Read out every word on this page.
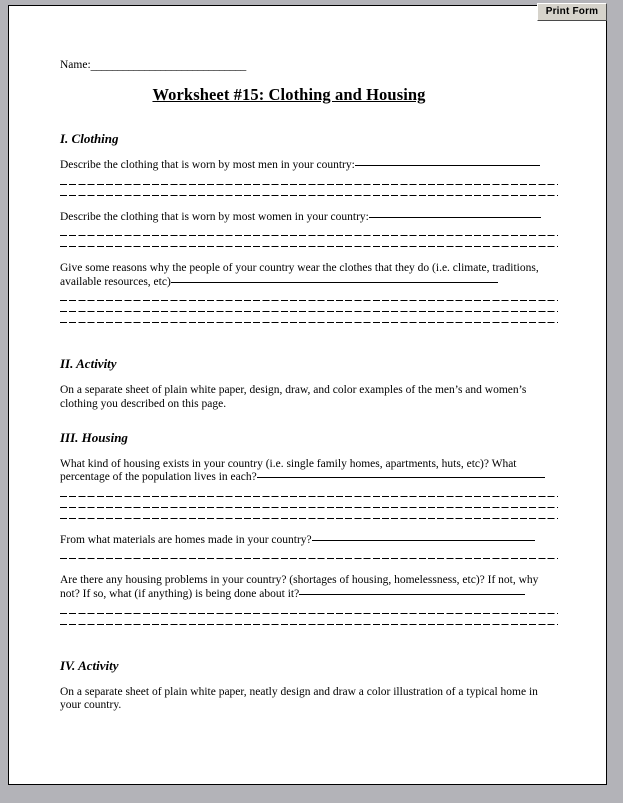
Name:_____________________________
Worksheet #15: Clothing and Housing
I. Clothing
Describe the clothing that is worn by most men in your country:
Describe the clothing that is worn by most women in your country:
Give some reasons why the people of your country wear the clothes that they do (i.e. climate, traditions, available resources, etc)
II. Activity
On a separate sheet of plain white paper, design, draw, and color examples of the men’s and women’s clothing you described on this page.
III. Housing
What kind of housing exists in your country (i.e. single family homes, apartments, huts, etc)? What percentage of the population lives in each?
From what materials are homes made in your country?
Are there any housing problems in your country? (shortages of housing, homelessness, etc)? If not, why not? If so, what (if anything) is being done about it?
IV. Activity
On a separate sheet of plain white paper, neatly design and draw a color illustration of a typical home in your country.
Print Form
